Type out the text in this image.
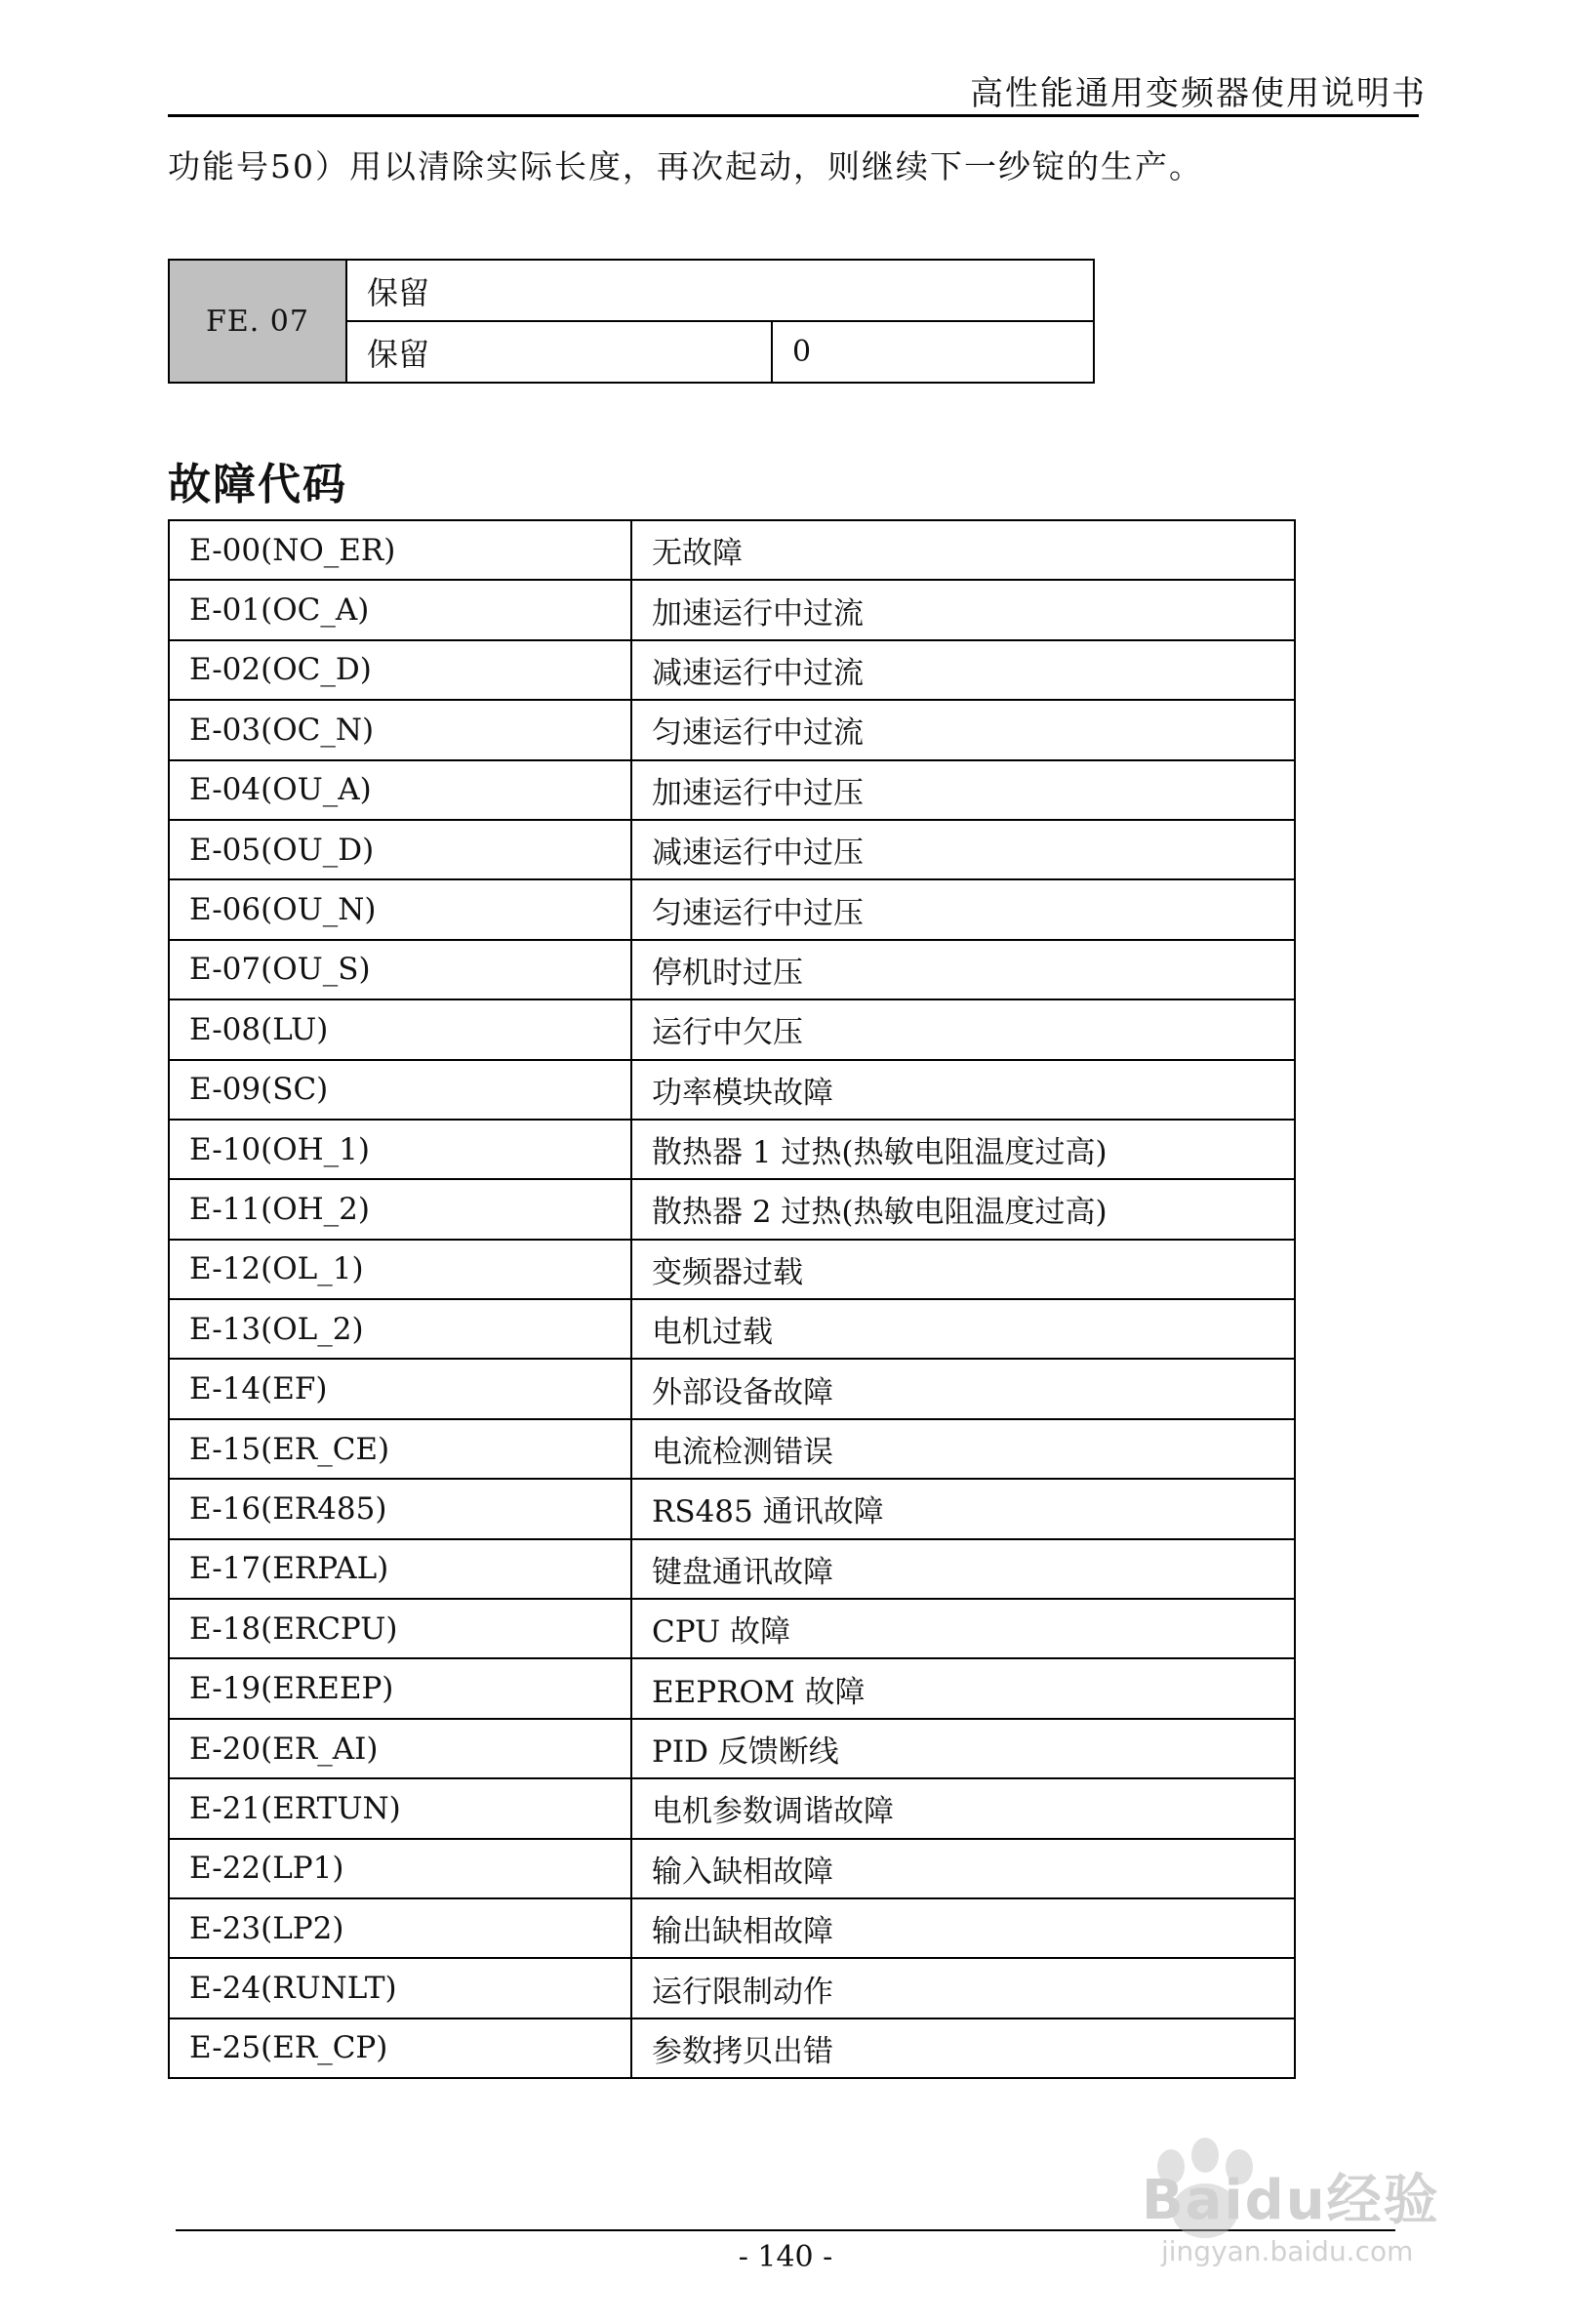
高性能通用变频器使用说明书
功能号50）用以清除实际长度，再次起动，则继续下一纱锭的生产。
FE. 07
保留
保留	0
故障代码
E-00(NO_ER)	无故障
E-01(OC_A)	加速运行中过流
E-02(OC_D)	减速运行中过流
E-03(OC_N)	匀速运行中过流
E-04(OU_A)	加速运行中过压
E-05(OU_D)	减速运行中过压
E-06(OU_N)	匀速运行中过压
E-07(OU_S)	停机时过压
E-08(LU)	运行中欠压
E-09(SC)	功率模块故障
E-10(OH_1)	散热器 1 过热(热敏电阻温度过高)
E-11(OH_2)	散热器 2 过热(热敏电阻温度过高)
E-12(OL_1)	变频器过载
E-13(OL_2)	电机过载
E-14(EF)	外部设备故障
E-15(ER_CE)	电流检测错误
E-16(ER485)	RS485 通讯故障
E-17(ERPAL)	键盘通讯故障
E-18(ERCPU)	CPU 故障
E-19(EREEP)	EEPROM 故障
E-20(ER_AI)	PID 反馈断线
E-21(ERTUN)	电机参数调谐故障
E-22(LP1)	输入缺相故障
E-23(LP2)	输出缺相故障
E-24(RUNLT)	运行限制动作
E-25(ER_CP)	参数拷贝出错
- 140 -
Baidu经验
jingyan.baidu.com
